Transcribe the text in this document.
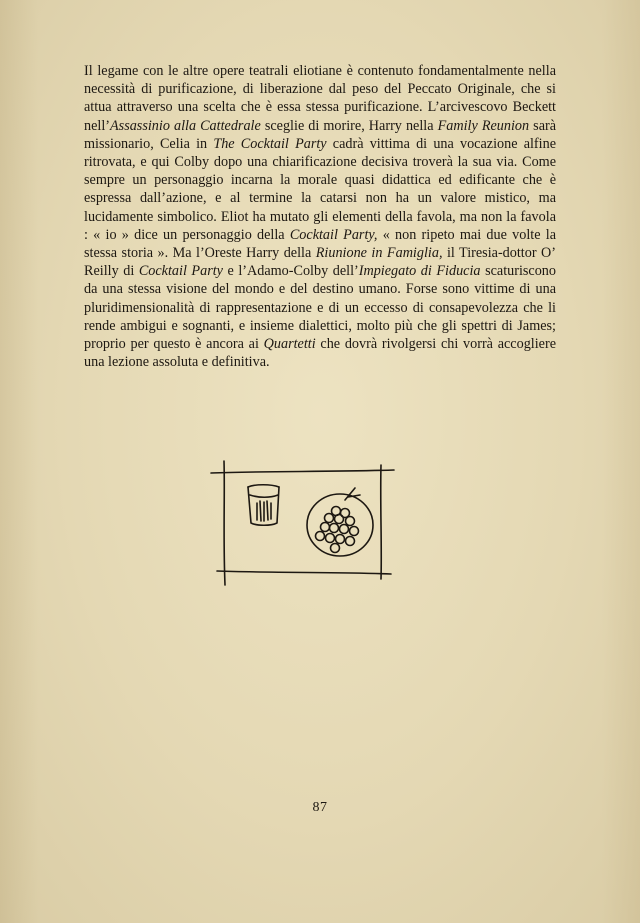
Il legame con le altre opere teatrali eliotiane è contenuto fondamentalmente nella necessità di purificazione, di liberazione dal peso del Peccato Originale, che si attua attraverso una scelta che è essa stessa purificazione. L’arcivescovo Beckett nell’Assassinio alla Cattedrale sceglie di morire, Harry nella Family Reunion sarà missionario, Celia in The Cocktail Party cadrà vittima di una vocazione alfine ritrovata, e qui Colby dopo una chiarificazione decisiva troverà la sua via. Come sempre un personaggio incarna la morale quasi didattica ed edificante che è espressa dall’azione, e al termine la catarsi non ha un valore mistico, ma lucidamente simbolico. Eliot ha mutato gli elementi della favola, ma non la favola : « io » dice un personaggio della Cocktail Party, « non ripeto mai due volte la stessa storia ». Ma l’Oreste Harry della Riunione in Famiglia, il Tiresia-dottor O’ Reilly di Cocktail Party e l’Adamo-Colby dell’Impiegato di Fiducia scaturiscono da una stessa visione del mondo e del destino umano. Forse sono vittime di una pluridimensionalità di rappresentazione e di un eccesso di consapevolezza che li rende ambigui e sognanti, e insieme dialettici, molto più che gli spettri di James; proprio per questo è ancora ai Quartetti che dovrà rivolgersi chi vorrà accogliere una lezione assoluta e definitiva.

87
